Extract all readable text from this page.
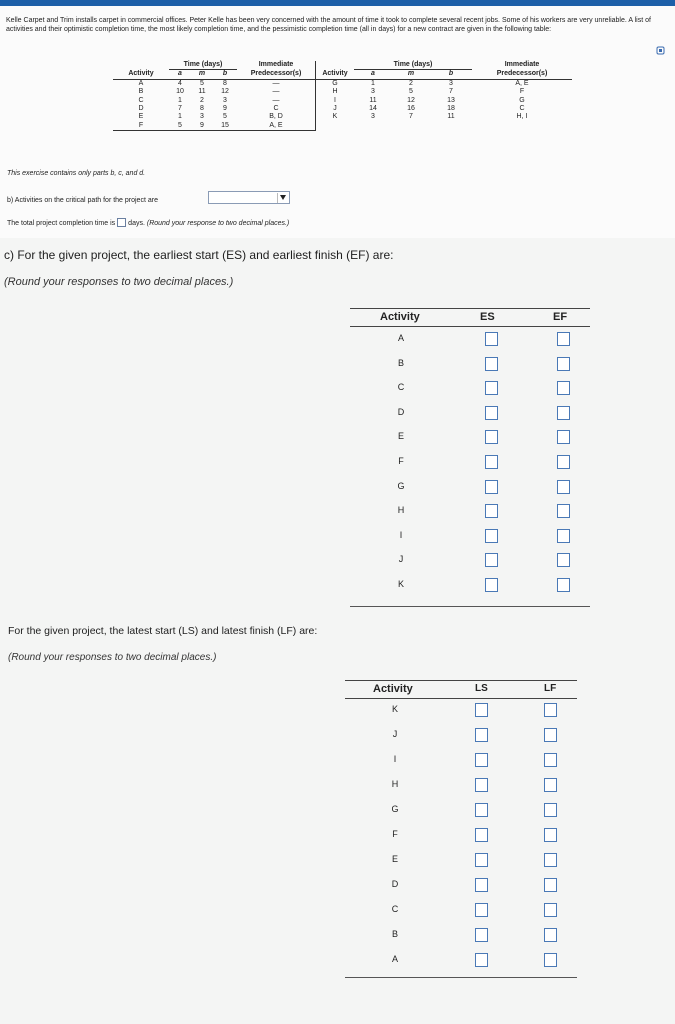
Kelle Carpet and Trim installs carpet in commercial offices. Peter Kelle has been very concerned with the amount of time it took to complete several recent jobs. Some of his workers are very unreliable. A list of activities and their optimistic completion time, the most likely completion time, and the pessimistic completion time (all in days) for a new contract are given in the following table:
	Time (days)			Immediate		Time (days)			Immediate
Activity	a	m	b	Predecessor(s)	Activity	a	m	b	Predecessor(s)
A	4	5	8	—	G	1	2	3	A, E
B	10	11	12	—	H	3	5	7	F
C	1	2	3	—	I	11	12	13	G
D	7	8	9	C	J	14	16	18	C
E	1	3	5	B, D	K	3	7	11	H, I
F	5	9	15	A, E					
This exercise contains only parts b, c, and d.
b) Activities on the critical path for the project are
The total project completion time is days. (Round your response to two decimal places.)
c) For the given project, the earliest start (ES) and earliest finish (EF) are:
(Round your responses to two decimal places.)
Activity	ES	EF
A
B
C
D
E
F
G
H
I
J
K
For the given project, the latest start (LS) and latest finish (LF) are:
(Round your responses to two decimal places.)
Activity	LS	LF
K
J
I
H
G
F
E
D
C
B
A
